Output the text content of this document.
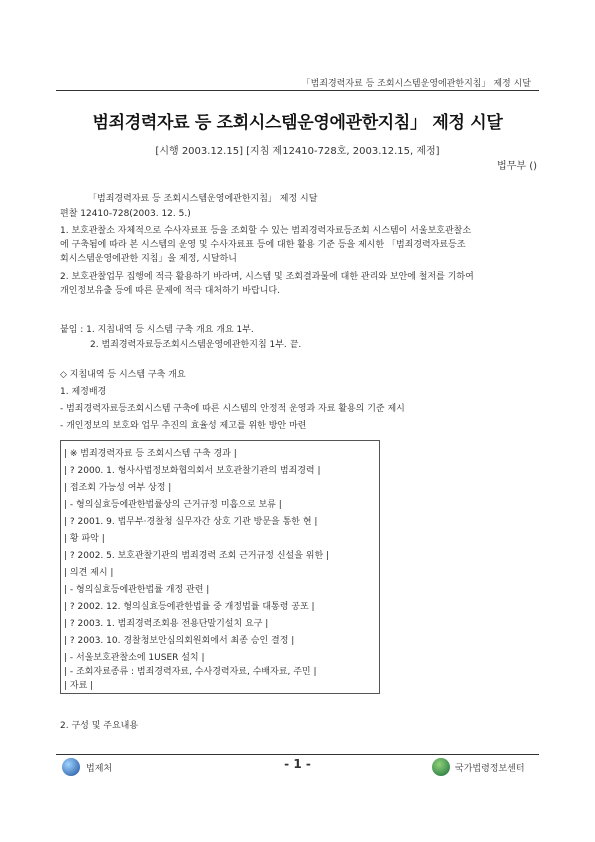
「범죄경력자료 등 조회시스템운영에관한지침」 제정 시달
범죄경력자료 등 조회시스템운영에관한지침」 제정 시달
[시행 2003.12.15] [지침 제12410-728호, 2003.12.15, 제정]
법무부 ()
「범죄경력자료 등 조회시스템운영에관한지침」 제정 시달
편찰 12410-728(2003. 12. 5.)
1. 보호관찰소 자체적으로 수사자료표 등을 조회할 수 있는 범죄경력자료등조회 시스템이 서울보호관찰소
에 구축됨에 따라 본 시스템의 운영 및 수사자료표 등에 대한 활용 기준 등을 제시한 「범죄경력자료등조
회시스템운영에관한 지침」을 제정, 시달하니
2. 보호관찰업무 집행에 적극 활용하기 바라며, 시스템 및 조회결과물에 대한 관리와 보안에 철저를 기하여
개인정보유출 등에 따른 문제에 적극 대처하기 바랍니다.
붙임 : 1. 지침내역 등 시스템 구축 개요 개요 1부.
2. 범죄경력자료등조회시스템운영에관한지침 1부. 끝.
◇ 지침내역 등 시스템 구축 개요
1. 제정배경
- 범죄경력자료등조회시스템 구축에 따른 시스템의 안정적 운영과 자료 활용의 기준 제시
- 개인정보의 보호와 업무 추진의 효율성 제고를 위한 방안 마련
| ※ 범죄경력자료 등 조회시스템 구축 경과 |
| ? 2000. 1. 형사사법정보화협의회서 보호관찰기관의 범죄경력 |
| 접조회 가능성 여부 상정 |
| - 형의실효등에관한법률상의 근거규정 미흡으로 보류 |
| ? 2001. 9. 법무부·경찰청 실무자간 상호 기관 방문을 통한 현 |
| 황 파악 |
| ? 2002. 5. 보호관찰기관의 범죄경력 조회 근거규정 신설을 위한 |
| 의견 제시 |
| - 형의실효등에관한법률 개정 관련 |
| ? 2002. 12. 형의실효등에관한법률 중 개정법률 대통령 공포 |
| ? 2003. 1. 범죄경력조회용 전용단말기설치 요구 |
| ? 2003. 10. 경찰청보안심의회원회에서 최종 승인 결정 |
| - 서울보호관찰소에 1USER 설치 |
| - 조회자료종류 : 범죄경력자료, 수사경력자료, 수배자료, 주민 |
| 자료 |
2. 구성 및 주요내용
법제처	- 1 -	국가법령정보센터
